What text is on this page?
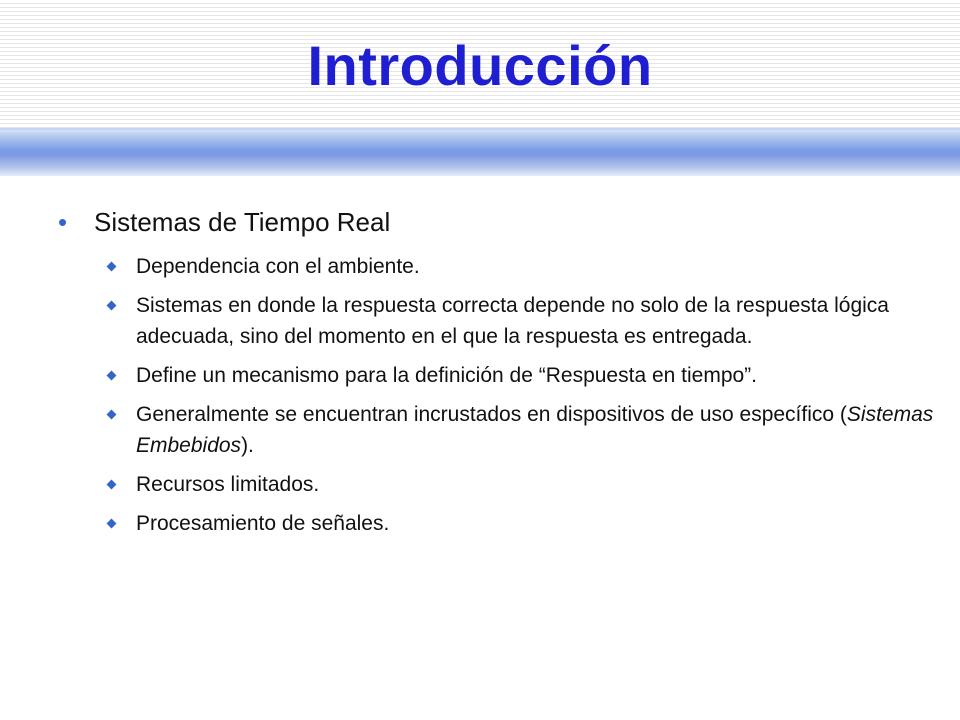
Introducción
• Sistemas de Tiempo Real
Dependencia con el ambiente.
Sistemas en donde la respuesta correcta depende no solo de la respuesta lógica adecuada, sino del momento en el que la respuesta es entregada.
Define un mecanismo para la definición de “Respuesta en tiempo”.
Generalmente se encuentran incrustados en dispositivos de uso específico (Sistemas Embebidos).
Recursos limitados.
Procesamiento de señales.
